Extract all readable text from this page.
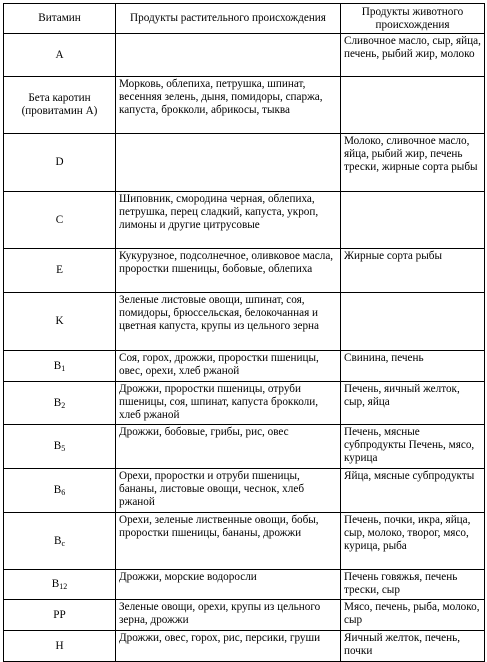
Витамин	Продукты растительного происхождения	Продукты животного происхождения
A		Сливочное масло, сыр, яйца, печень, рыбий жир, молоко
Бета каротин (провитамин А)	Морковь, облепиха, петрушка, шпинат, весенняя зелень, дыня, помидоры, спаржа, капуста, брокколи, абрикосы, тыква	
D		Молоко, сливочное масло, яйца, рыбий жир, печень трески, жирные сорта рыбы
C	Шиповник, смородина черная, облепиха, петрушка, перец сладкий, капуста, укроп, лимоны и другие цитрусовые	
E	Кукурузное, подсолнечное, оливковое масла, проростки пшеницы, бобовые, облепиха	Жирные сорта рыбы
K	Зеленые листовые овощи, шпинат, соя, помидоры, брюссельская, белокочанная и цветная капуста, крупы из цельного зерна	
$B_1$	Соя, горох, дрожжи, проростки пшеницы, овес, орехи, хлеб ржаной	Свинина, печень
$B_2$	Дрожжи, проростки пшеницы, отруби пшеницы, соя, шпинат, капуста брокколи, хлеб ржаной	Печень, яичный желток, сыр, яйца
$B_5$	Дрожжи, бобовые, грибы, рис, овес	Печень, мясные субпродукты Печень, мясо, курица
$B_6$	Орехи, проростки и отруби пшеницы, бананы, листовые овощи, чеснок, хлеб ржаной	Яйца, мясные субпродукты
$B_c$	Орехи, зеленые лиственные овощи, бобы, проростки пшеницы, бананы, дрожжи	Печень, почки, икра, яйца, сыр, молоко, творог, мясо, курица, рыба
$B_{12}$	Дрожжи, морские водоросли	Печень говяжья, печень трески, сыр
PP	Зеленые овощи, орехи, крупы из цельного зерна, дрожжи	Мясо, печень, рыба, молоко, сыр
H	Дрожжи, овес, горох, рис, персики, груши	Яичный желток, печень, почки
